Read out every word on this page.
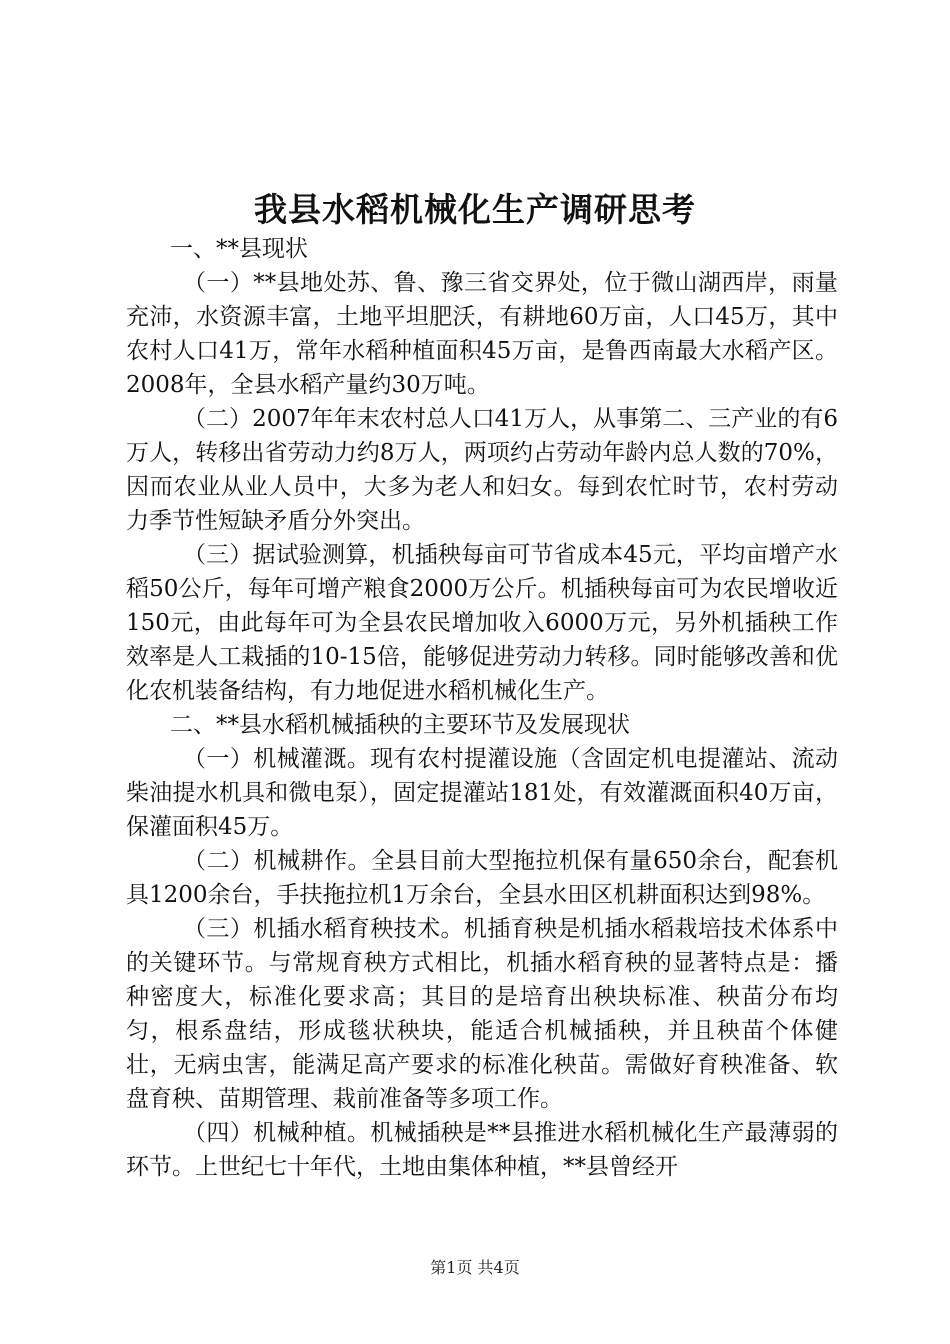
我县水稻机械化生产调研思考

一、**县现状

（一）**县地处苏、鲁、豫三省交界处，位于微山湖西岸，雨量充沛，水资源丰富，土地平坦肥沃，有耕地60万亩，人口45万，其中农村人口41万，常年水稻种植面积45万亩，是鲁西南最大水稻产区。2008年，全县水稻产量约30万吨。

（二）2007年年末农村总人口41万人，从事第二、三产业的有6万人，转移出省劳动力约8万人，两项约占劳动年龄内总人数的70%，因而农业从业人员中，大多为老人和妇女。每到农忙时节，农村劳动力季节性短缺矛盾分外突出。

（三）据试验测算，机插秧每亩可节省成本45元，平均亩增产水稻50公斤，每年可增产粮食2000万公斤。机插秧每亩可为农民增收近150元，由此每年可为全县农民增加收入6000万元，另外机插秧工作效率是人工栽插的10-15倍，能够促进劳动力转移。同时能够改善和优化农机装备结构，有力地促进水稻机械化生产。

二、**县水稻机械插秧的主要环节及发展现状

（一）机械灌溉。现有农村提灌设施（含固定机电提灌站、流动柴油提水机具和微电泵），固定提灌站181处，有效灌溉面积40万亩，保灌面积45万。

（二）机械耕作。全县目前大型拖拉机保有量650余台，配套机具1200余台，手扶拖拉机1万余台，全县水田区机耕面积达到98%。

（三）机插水稻育秧技术。机插育秧是机插水稻栽培技术体系中的关键环节。与常规育秧方式相比，机插水稻育秧的显著特点是：播种密度大，标准化要求高；其目的是培育出秧块标准、秧苗分布均匀，根系盘结，形成毯状秧块，能适合机械插秧，并且秧苗个体健壮，无病虫害，能满足高产要求的标准化秧苗。需做好育秧准备、软盘育秧、苗期管理、栽前准备等多项工作。

（四）机械种植。机械插秧是**县推进水稻机械化生产最薄弱的环节。上世纪七十年代，土地由集体种植，**县曾经开

第1页 共4页
